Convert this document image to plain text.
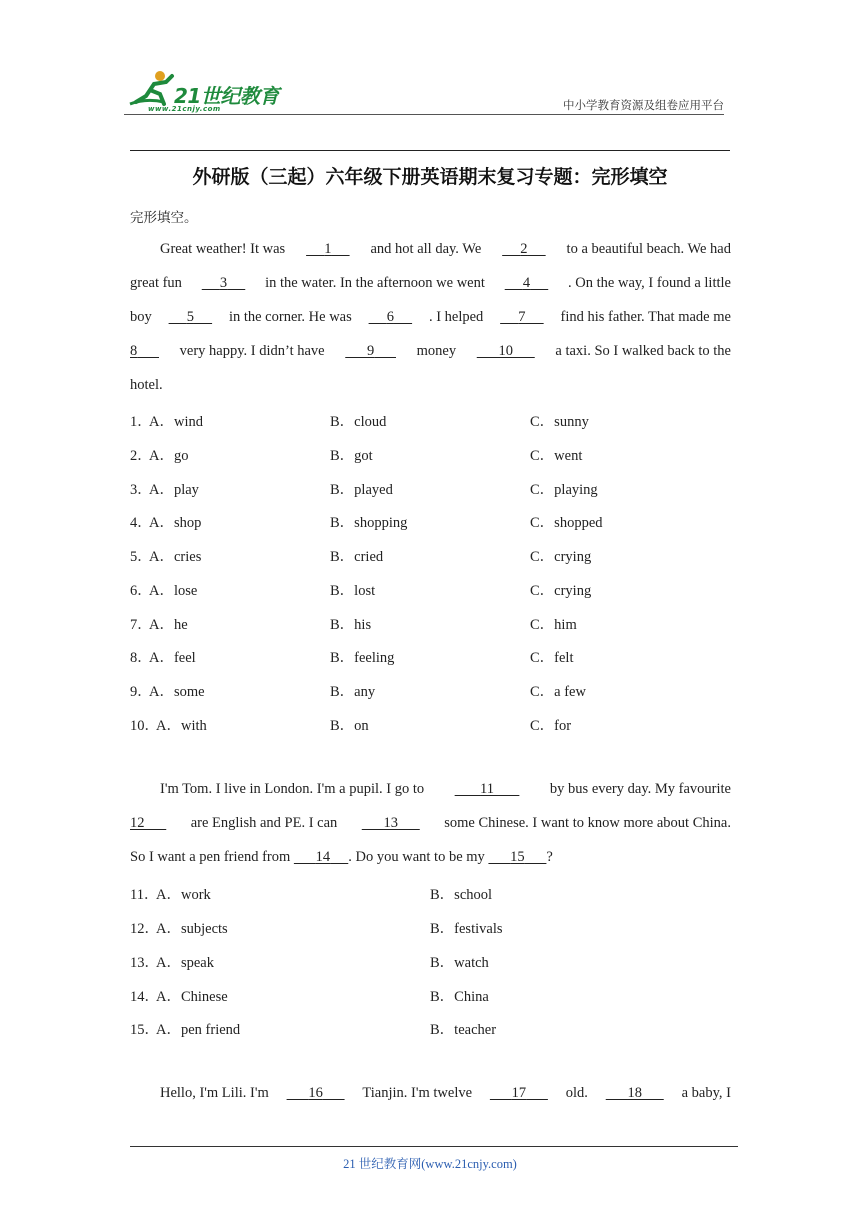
21世纪教育
www.21cnjy.com	中小学教育资源及组卷应用平台
外研版（三起）六年级下册英语期末复习专题：完形填空
完形填空。
Great weather! It was	1	and hot all day. We	2	to a beautiful beach. We had
great fun	3	in the water. In the afternoon we went	4	. On the way, I found a little
boy	5	in the corner. He was	6	. I helped	7	find his father. That made me
8	very happy. I didn’t have	9	money	10	a taxi. So I walked back to the
hotel.
1．
A．wind	B．cloud	C．sunny
2．
A．go	B．got	C．went
3．
A．play	B．played	C．playing
4．
A．shop	B．shopping	C．shopped
5．
A．cries	B．cried	C．crying
6．
A．lose	B．lost	C．crying
7．
A．he	B．his	C．him
8．
A．feel	B．feeling	C．felt
9．
A．some	B．any	C．a few
10．
A．with	B．on	C．for
I'm Tom. I live in London. I'm a pupil. I go to	11	by bus every day. My favourite
12	are English and PE. I can	13	some Chinese. I want to know more about China.
So I want a pen friend from
	14	. Do you want to be my
	15	?
11．
A．work	B．school
12．
A．subjects	B．festivals
13．
A．speak	B．watch
14．
A．Chinese	B．China
15．
A．pen friend	B．teacher
Hello, I'm Lili. I'm	16	Tianjin. I'm twelve	17	old.	18	a baby, I
21 世纪教育网(www.21cnjy.com)
